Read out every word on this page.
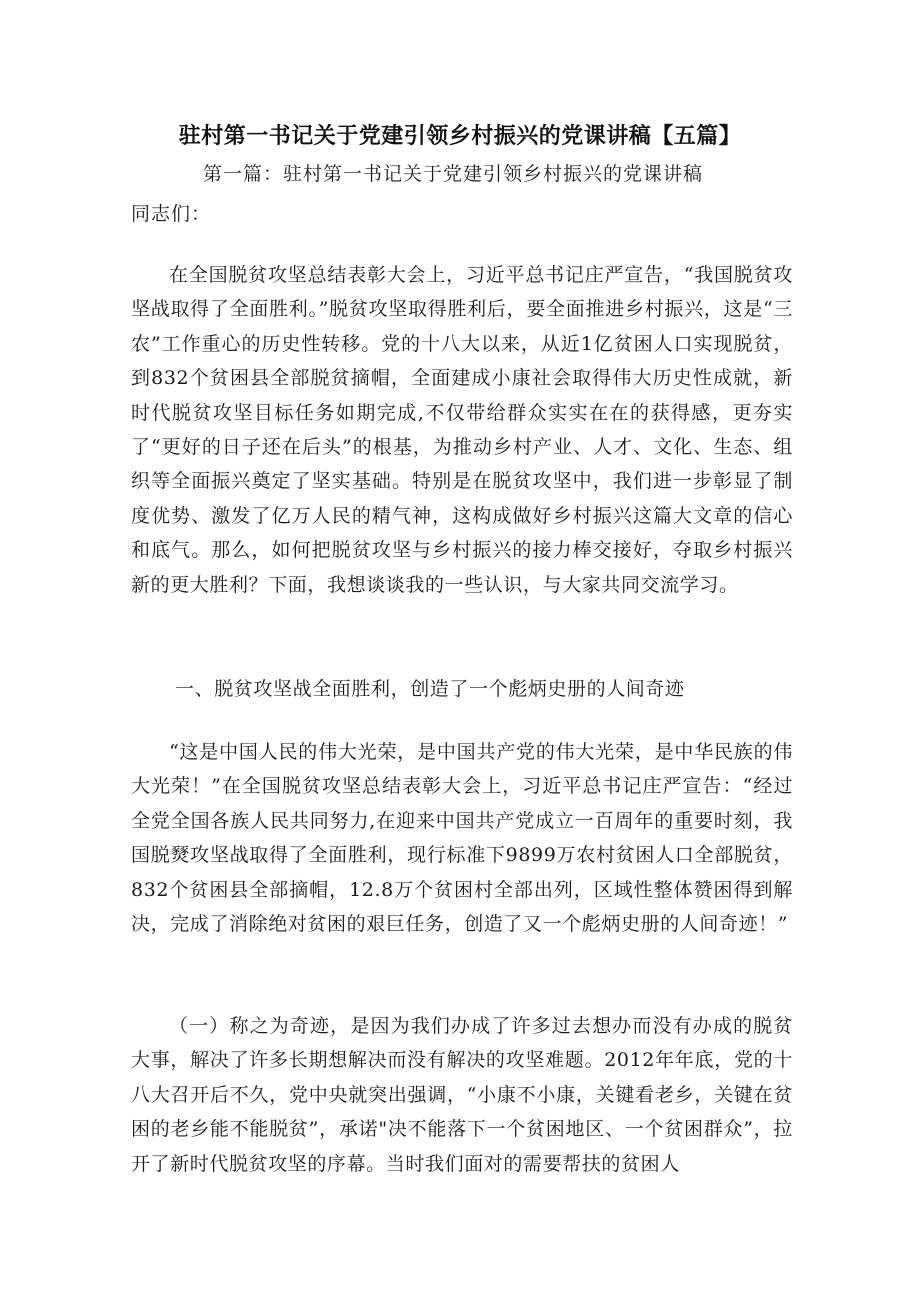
驻村第一书记关于党建引领乡村振兴的党课讲稿【五篇】

第一篇：驻村第一书记关于党建引领乡村振兴的党课讲稿

同志们：

在全国脱贫攻坚总结表彰大会上，习近平总书记庄严宣告，“我国脱贫攻坚战取得了全面胜利。”脱贫攻坚取得胜利后，要全面推进乡村振兴，这是“三农”工作重心的历史性转移。党的十八大以来，从近1亿贫困人口实现脱贫，到832个贫困县全部脱贫摘帽，全面建成小康社会取得伟大历史性成就，新时代脱贫攻坚目标任务如期完成,不仅带给群众实实在在的获得感，更夯实了“更好的日子还在后头”的根基，为推动乡村产业、人才、文化、生态、组织等全面振兴奠定了坚实基础。特别是在脱贫攻坚中，我们进一步彰显了制度优势、激发了亿万人民的精气神，这构成做好乡村振兴这篇大文章的信心和底气。那么，如何把脱贫攻坚与乡村振兴的接力棒交接好，夺取乡村振兴新的更大胜利？下面，我想谈谈我的一些认识，与大家共同交流学习。

一、脱贫攻坚战全面胜利，创造了一个彪炳史册的人间奇迹

“这是中国人民的伟大光荣，是中国共产党的伟大光荣，是中华民族的伟大光荣！”在全国脱贫攻坚总结表彰大会上，习近平总书记庄严宣告：“经过全党全国各族人民共同努力,在迎来中国共产党成立一百周年的重要时刻，我国脱燹攻坚战取得了全面胜利，现行标准下9899万农村贫困人口全部脱贫，832个贫困县全部摘帽，12.8万个贫困村全部出列，区域性整体赞困得到解决，完成了消除绝对贫困的艰巨任务，创造了又一个彪炳史册的人间奇迹！”

（一）称之为奇迹，是因为我们办成了许多过去想办而没有办成的脱贫大事，解决了许多长期想解决而没有解决的攻坚难题。2012年年底，党的十八大召开后不久，党中央就突出强调，“小康不小康，关键看老乡，关键在贫困的老乡能不能脱贫”，承诺"决不能落下一个贫困地区、一个贫困群众”，拉开了新时代脱贫攻坚的序幕。当时我们面对的需要帮扶的贫困人
